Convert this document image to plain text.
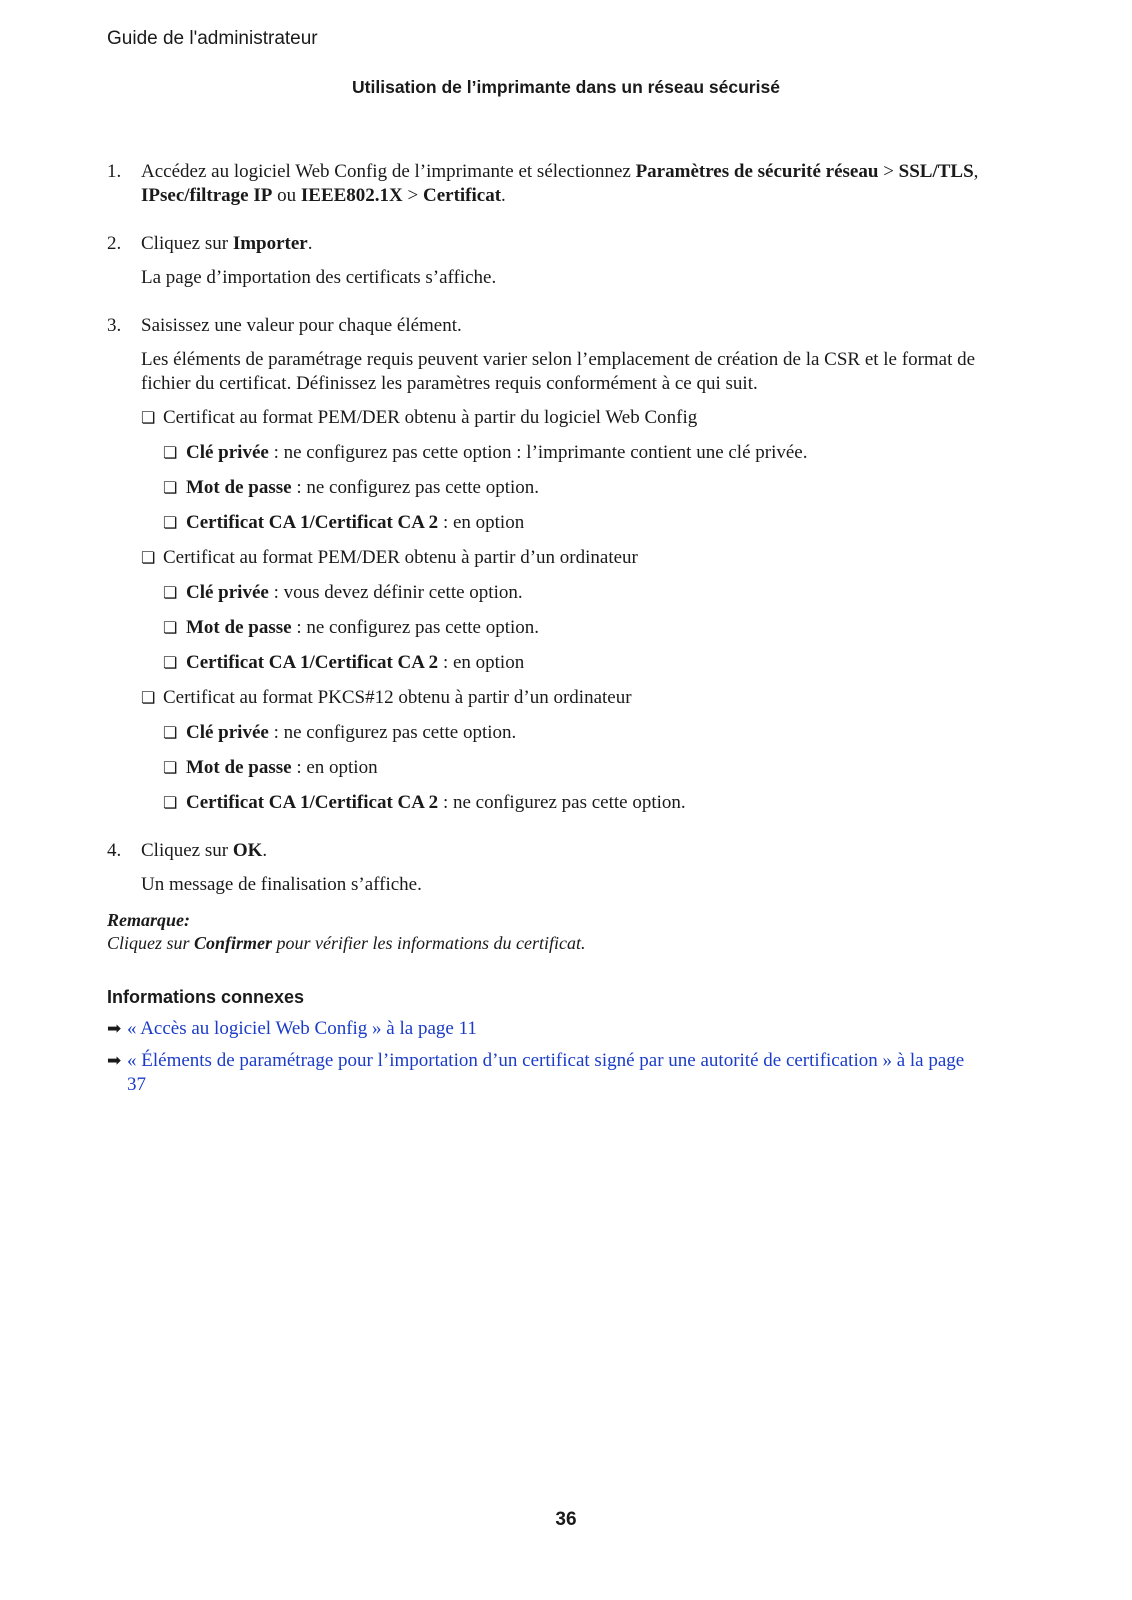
Guide de l'administrateur
Utilisation de l’imprimante dans un réseau sécurisé
1. Accédez au logiciel Web Config de l’imprimante et sélectionnez Paramètres de sécurité réseau > SSL/TLS, IPsec/filtrage IP ou IEEE802.1X > Certificat.

2. Cliquez sur Importer.

La page d’importation des certificats s’affiche.

3. Saisissez une valeur pour chaque élément.

Les éléments de paramétrage requis peuvent varier selon l’emplacement de création de la CSR et le format de fichier du certificat. Définissez les paramètres requis conformément à ce qui suit.

❏ Certificat au format PEM/DER obtenu à partir du logiciel Web Config
❏ Clé privée : ne configurez pas cette option : l’imprimante contient une clé privée.
❏ Mot de passe : ne configurez pas cette option.
❏ Certificat CA 1/Certificat CA 2 : en option
❏ Certificat au format PEM/DER obtenu à partir d’un ordinateur
❏ Clé privée : vous devez définir cette option.
❏ Mot de passe : ne configurez pas cette option.
❏ Certificat CA 1/Certificat CA 2 : en option
❏ Certificat au format PKCS#12 obtenu à partir d’un ordinateur
❏ Clé privée : ne configurez pas cette option.
❏ Mot de passe : en option
❏ Certificat CA 1/Certificat CA 2 : ne configurez pas cette option.
4. Cliquez sur OK.

Un message de finalisation s’affiche.

Remarque:
Cliquez sur Confirmer pour vérifier les informations du certificat.
Informations connexes
➡ « Accès au logiciel Web Config » à la page 11
➡ « Éléments de paramétrage pour l’importation d’un certificat signé par une autorité de certification » à la page 37
36
